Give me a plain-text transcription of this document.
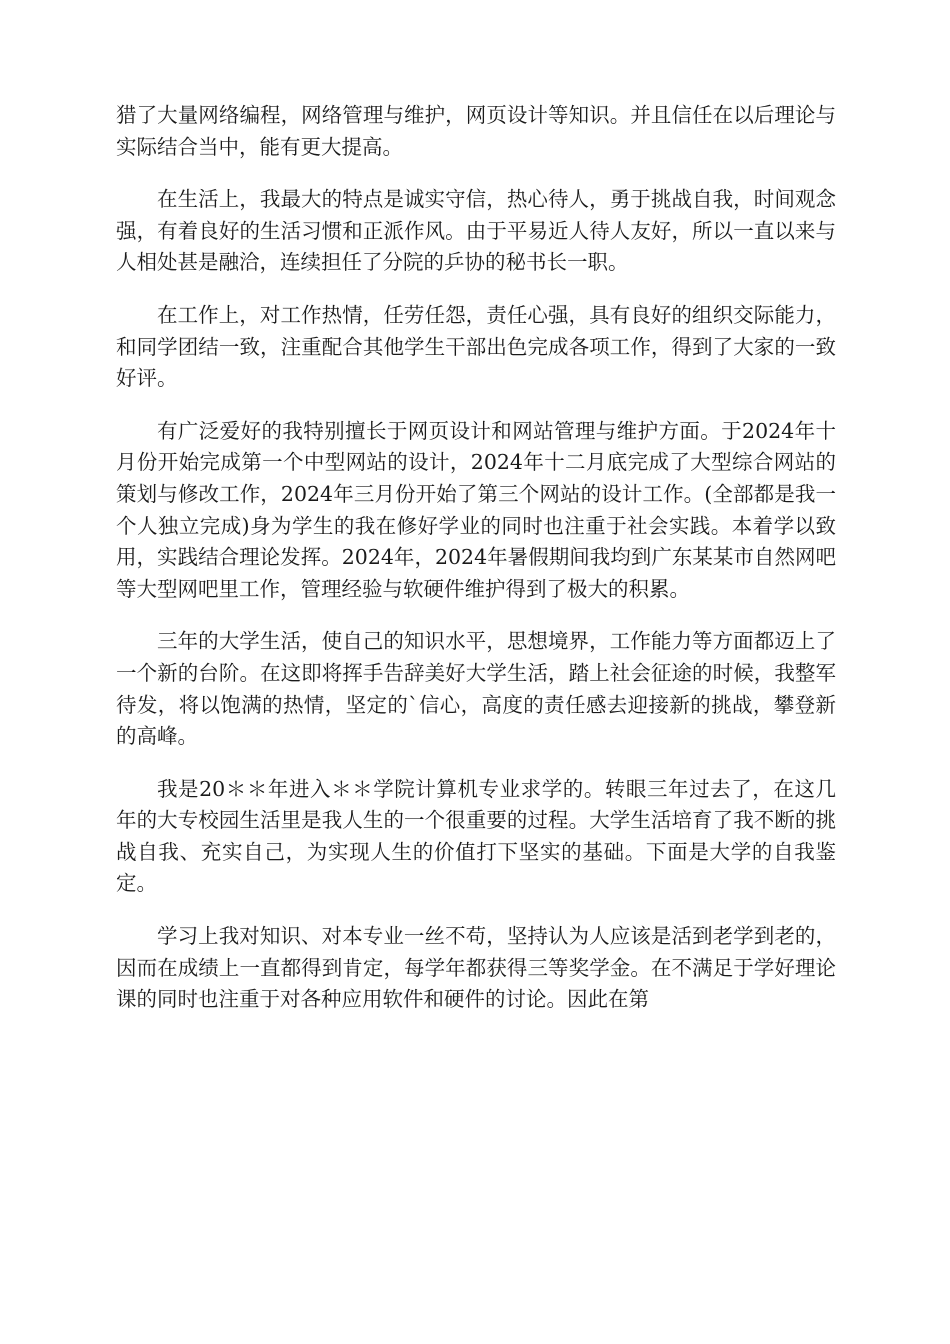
猎了大量网络编程，网络管理与维护，网页设计等知识。并且信任在以后理论与实际结合当中，能有更大提高。

在生活上，我最大的特点是诚实守信，热心待人，勇于挑战自我，时间观念强，有着良好的生活习惯和正派作风。由于平易近人待人友好，所以一直以来与人相处甚是融洽，连续担任了分院的乒协的秘书长一职。

在工作上，对工作热情，任劳任怨，责任心强，具有良好的组织交际能力，和同学团结一致，注重配合其他学生干部出色完成各项工作，得到了大家的一致好评。

有广泛爱好的我特别擅长于网页设计和网站管理与维护方面。于2024年十月份开始完成第一个中型网站的设计，2024年十二月底完成了大型综合网站的策划与修改工作，2024年三月份开始了第三个网站的设计工作。(全部都是我一个人独立完成)身为学生的我在修好学业的同时也注重于社会实践。本着学以致用，实践结合理论发挥。2024年，2024年暑假期间我均到广东某某市自然网吧等大型网吧里工作，管理经验与软硬件维护得到了极大的积累。

三年的大学生活，使自己的知识水平，思想境界，工作能力等方面都迈上了一个新的台阶。在这即将挥手告辞美好大学生活，踏上社会征途的时候，我整军待发，将以饱满的热情，坚定的`信心，高度的责任感去迎接新的挑战，攀登新的高峰。

我是20＊＊年进入＊＊学院计算机专业求学的。转眼三年过去了，在这几年的大专校园生活里是我人生的一个很重要的过程。大学生活培育了我不断的挑战自我、充实自己，为实现人生的价值打下坚实的基础。下面是大学的自我鉴定。

学习上我对知识、对本专业一丝不苟，坚持认为人应该是活到老学到老的，因而在成绩上一直都得到肯定，每学年都获得三等奖学金。在不满足于学好理论课的同时也注重于对各种应用软件和硬件的讨论。因此在第
